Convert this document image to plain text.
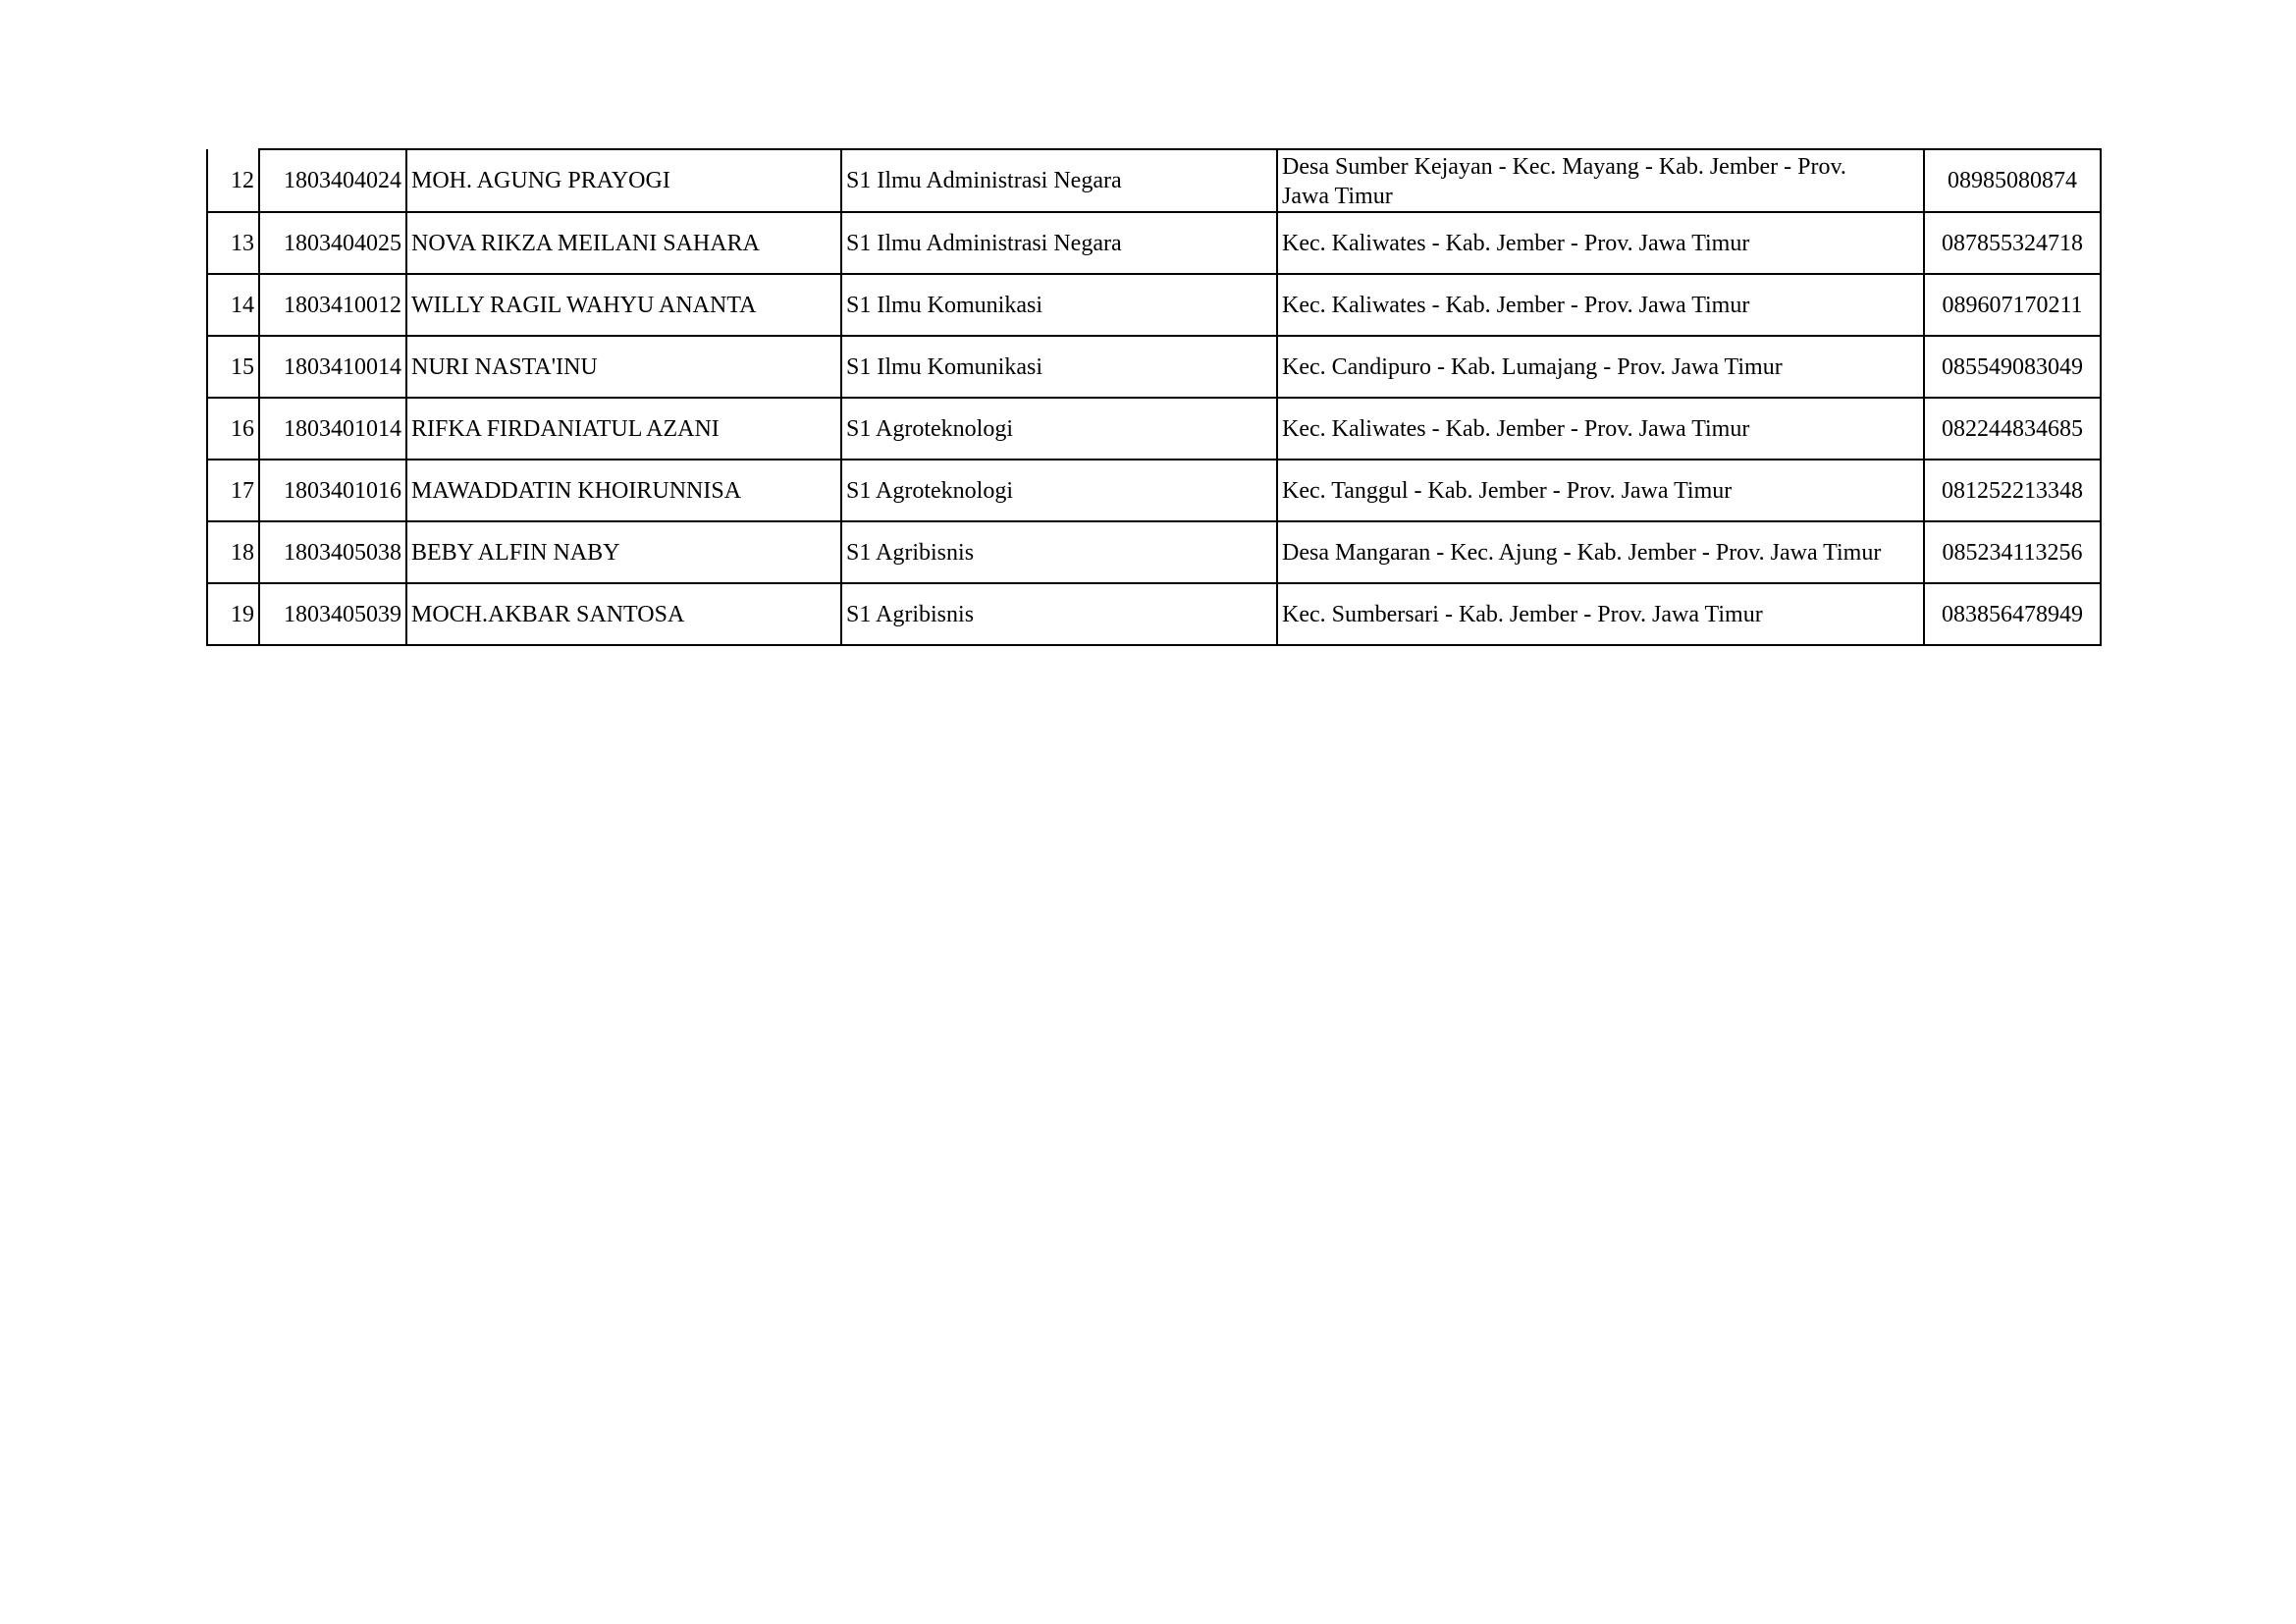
12	1803404024	MOH. AGUNG PRAYOGI	S1 Ilmu Administrasi Negara	Desa Sumber Kejayan - Kec. Mayang - Kab. Jember - Prov.
Jawa Timur	08985080874
13	1803404025	NOVA RIKZA MEILANI SAHARA	S1 Ilmu Administrasi Negara	Kec. Kaliwates - Kab. Jember - Prov. Jawa Timur	087855324718
14	1803410012	WILLY RAGIL WAHYU ANANTA	S1 Ilmu Komunikasi	Kec. Kaliwates - Kab. Jember - Prov. Jawa Timur	089607170211
15	1803410014	NURI NASTA'INU	S1 Ilmu Komunikasi	Kec. Candipuro - Kab. Lumajang - Prov. Jawa Timur	085549083049
16	1803401014	RIFKA FIRDANIATUL AZANI	S1 Agroteknologi	Kec. Kaliwates - Kab. Jember - Prov. Jawa Timur	082244834685
17	1803401016	MAWADDATIN KHOIRUNNISA	S1 Agroteknologi	Kec. Tanggul - Kab. Jember - Prov. Jawa Timur	081252213348
18	1803405038	BEBY ALFIN NABY	S1 Agribisnis	Desa Mangaran - Kec. Ajung - Kab. Jember - Prov. Jawa Timur	085234113256
19	1803405039	MOCH.AKBAR SANTOSA	S1 Agribisnis	Kec. Sumbersari - Kab. Jember - Prov. Jawa Timur	083856478949
